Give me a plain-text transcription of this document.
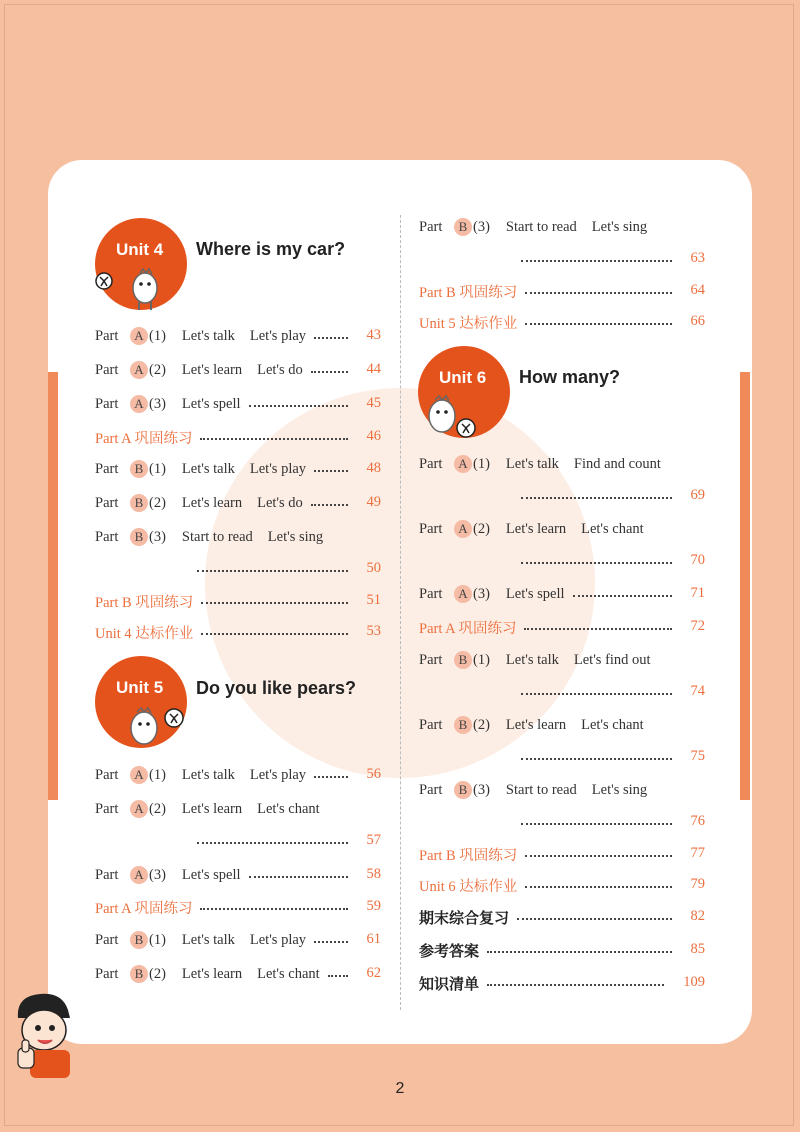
Unit 4 Where is my car?
Unit 5 Do you like pears?
Unit 6 How many?
Part	A (1) Let's talk Let's play	43
Part	A (2) Let's learn Let's do	44
Part	A (3) Let's spell	45
Part A 巩固练习	46
Part	B (1) Let's talk Let's play	48
Part	B (2) Let's learn Let's do	49
Part	B (3) Start to read Let's sing
50
Part B 巩固练习	51
Unit 4 达标作业	53
Part	A (1) Let's talk Let's play	56
Part	A (2) Let's learn Let's chant
57
Part	A (3) Let's spell	58
Part A 巩固练习	59
Part	B (1) Let's talk Let's play	61
Part	B (2) Let's learn Let's chant	62
Part	B (3) Start to read Let's sing
63
Part B 巩固练习	64
Unit 5 达标作业	66
Part	A (1) Let's talk Find and count
69
Part	A (2) Let's learn Let's chant
70
Part	A (3) Let's spell	71
Part A 巩固练习	72
Part	B (1) Let's talk Let's find out
74
Part	B (2) Let's learn Let's chant
75
Part	B (3) Start to read Let's sing
76
Part B 巩固练习	77
Unit 6 达标作业	79
期末综合复习	82
参考答案	85
知识清单	109
2
